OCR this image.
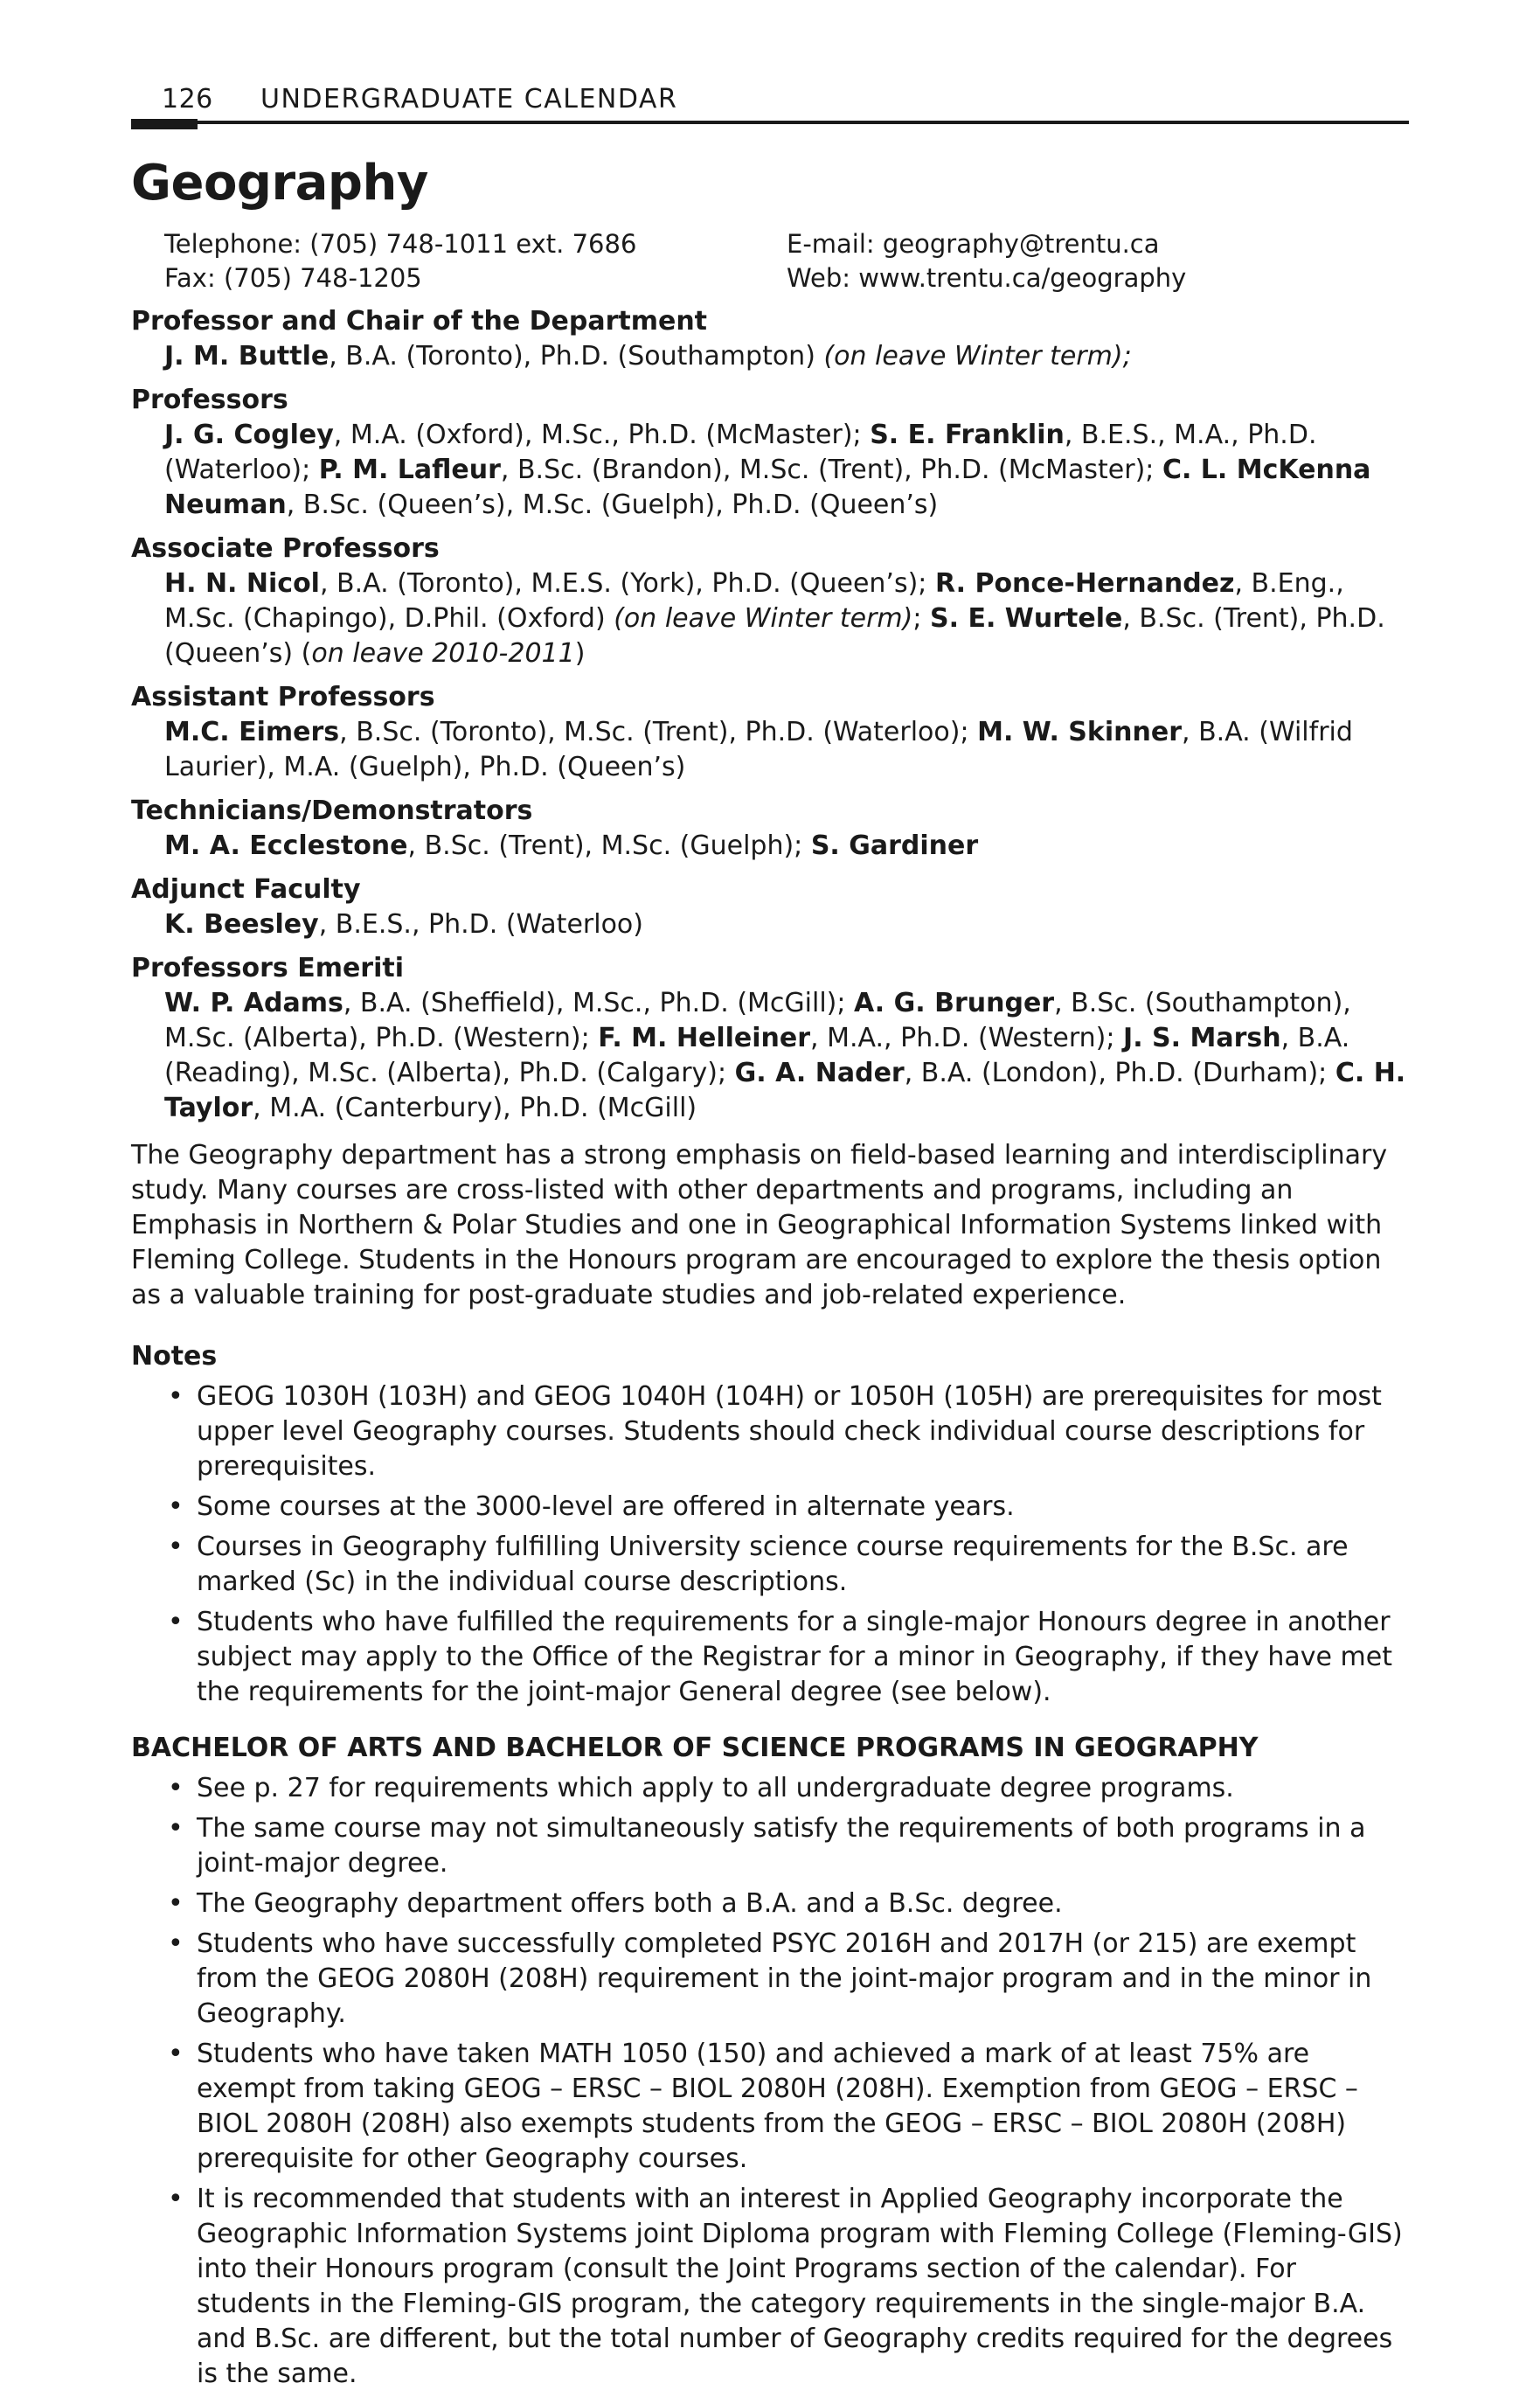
126 UNDERGRADUATE CALENDAR
Geography
Telephone: (705) 748-1011 ext. 7686	E-mail: geography@trentu.ca
Fax: (705) 748-1205	Web: www.trentu.ca/geography
Professor and Chair of the Department
J. M. Buttle, B.A. (Toronto), Ph.D. (Southampton) (on leave Winter term);
Professors
J. G. Cogley, M.A. (Oxford), M.Sc., Ph.D. (McMaster); S. E. Franklin, B.E.S., M.A., Ph.D. (Waterloo); P. M. Lafleur, B.Sc. (Brandon), M.Sc. (Trent), Ph.D. (McMaster); C. L. McKenna Neuman, B.Sc. (Queen’s), M.Sc. (Guelph), Ph.D. (Queen’s)
Associate Professors
H. N. Nicol, B.A. (Toronto), M.E.S. (York), Ph.D. (Queen’s); R. Ponce-Hernandez, B.Eng., M.Sc. (Chapingo), D.Phil. (Oxford) (on leave Winter term); S. E. Wurtele, B.Sc. (Trent), Ph.D. (Queen’s) (on leave 2010-2011)
Assistant Professors
M.C. Eimers, B.Sc. (Toronto), M.Sc. (Trent), Ph.D. (Waterloo); M. W. Skinner, B.A. (Wilfrid Laurier), M.A. (Guelph), Ph.D. (Queen’s)
Technicians/Demonstrators
M. A. Ecclestone, B.Sc. (Trent), M.Sc. (Guelph); S. Gardiner
Adjunct Faculty
K. Beesley, B.E.S., Ph.D. (Waterloo)
Professors Emeriti
W. P. Adams, B.A. (Sheffield), M.Sc., Ph.D. (McGill); A. G. Brunger, B.Sc. (Southampton), M.Sc. (Alberta), Ph.D. (Western); F. M. Helleiner, M.A., Ph.D. (Western); J. S. Marsh, B.A. (Reading), M.Sc. (Alberta), Ph.D. (Calgary); G. A. Nader, B.A. (London), Ph.D. (Durham); C. H. Taylor, M.A. (Canterbury), Ph.D. (McGill)

The Geography department has a strong emphasis on field-based learning and interdisciplinary study. Many courses are cross-listed with other departments and programs, including an Emphasis in Northern & Polar Studies and one in Geographical Information Systems linked with Fleming College. Students in the Honours program are encouraged to explore the thesis option as a valuable training for post-graduate studies and job-related experience.

Notes
• GEOG 1030H (103H) and GEOG 1040H (104H) or 1050H (105H) are prerequisites for most upper level Geography courses. Students should check individual course descriptions for prerequisites.
• Some courses at the 3000-level are offered in alternate years.
• Courses in Geography fulfilling University science course requirements for the B.Sc. are marked (Sc) in the individual course descriptions.
• Students who have fulfilled the requirements for a single-major Honours degree in another subject may apply to the Office of the Registrar for a minor in Geography, if they have met the requirements for the joint-major General degree (see below).
BACHELOR OF ARTS AND BACHELOR OF SCIENCE PROGRAMS IN GEOGRAPHY
• See p. 27 for requirements which apply to all undergraduate degree programs.
• The same course may not simultaneously satisfy the requirements of both programs in a joint-major degree.
• The Geography department offers both a B.A. and a B.Sc. degree.
• Students who have successfully completed PSYC 2016H and 2017H (or 215) are exempt from the GEOG 2080H (208H) requirement in the joint-major program and in the minor in Geography.
• Students who have taken MATH 1050 (150) and achieved a mark of at least 75% are exempt from taking GEOG – ERSC – BIOL 2080H (208H). Exemption from GEOG – ERSC – BIOL 2080H (208H) also exempts students from the GEOG – ERSC – BIOL 2080H (208H) prerequisite for other Geography courses.
• It is recommended that students with an interest in Applied Geography incorporate the Geographic Information Systems joint Diploma program with Fleming College (Fleming-GIS) into their Honours program (consult the Joint Programs section of the calendar). For students in the Fleming-GIS program, the category requirements in the single-major B.A. and B.Sc. are different, but the total number of Geography credits required for the degrees is the same.
